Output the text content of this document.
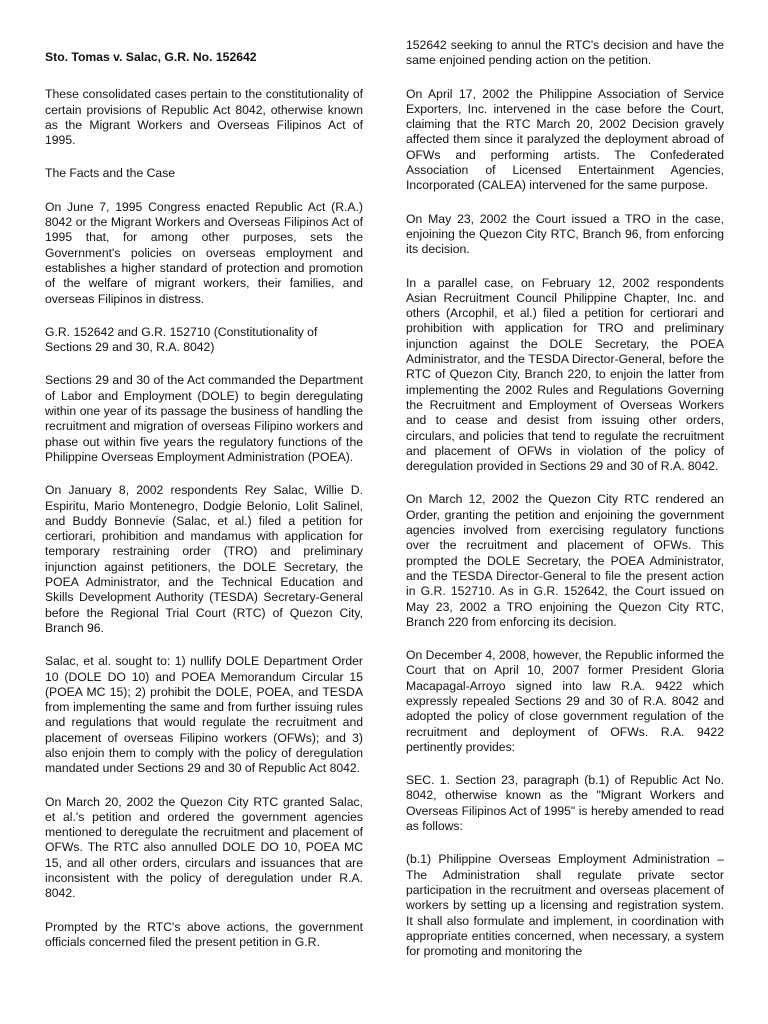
Sto. Tomas v. Salac, G.R. No. 152642

These consolidated cases pertain to the constitutionality of certain provisions of Republic Act 8042, otherwise known as the Migrant Workers and Overseas Filipinos Act of 1995.

The Facts and the Case

On June 7, 1995 Congress enacted Republic Act (R.A.) 8042 or the Migrant Workers and Overseas Filipinos Act of 1995 that, for among other purposes, sets the Government's policies on overseas employment and establishes a higher standard of protection and promotion of the welfare of migrant workers, their families, and overseas Filipinos in distress.

G.R. 152642 and G.R. 152710 (Constitutionality of Sections 29 and 30, R.A. 8042)

Sections 29 and 30 of the Act commanded the Department of Labor and Employment (DOLE) to begin deregulating within one year of its passage the business of handling the recruitment and migration of overseas Filipino workers and phase out within five years the regulatory functions of the Philippine Overseas Employment Administration (POEA).

On January 8, 2002 respondents Rey Salac, Willie D. Espiritu, Mario Montenegro, Dodgie Belonio, Lolit Salinel, and Buddy Bonnevie (Salac, et al.) filed a petition for certiorari, prohibition and mandamus with application for temporary restraining order (TRO) and preliminary injunction against petitioners, the DOLE Secretary, the POEA Administrator, and the Technical Education and Skills Development Authority (TESDA) Secretary-General before the Regional Trial Court (RTC) of Quezon City, Branch 96.

Salac, et al. sought to: 1) nullify DOLE Department Order 10 (DOLE DO 10) and POEA Memorandum Circular 15 (POEA MC 15); 2) prohibit the DOLE, POEA, and TESDA from implementing the same and from further issuing rules and regulations that would regulate the recruitment and placement of overseas Filipino workers (OFWs); and 3) also enjoin them to comply with the policy of deregulation mandated under Sections 29 and 30 of Republic Act 8042.

On March 20, 2002 the Quezon City RTC granted Salac, et al.'s petition and ordered the government agencies mentioned to deregulate the recruitment and placement of OFWs. The RTC also annulled DOLE DO 10, POEA MC 15, and all other orders, circulars and issuances that are inconsistent with the policy of deregulation under R.A. 8042.

Prompted by the RTC's above actions, the government officials concerned filed the present petition in G.R.

152642 seeking to annul the RTC's decision and have the same enjoined pending action on the petition.

On April 17, 2002 the Philippine Association of Service Exporters, Inc. intervened in the case before the Court, claiming that the RTC March 20, 2002 Decision gravely affected them since it paralyzed the deployment abroad of OFWs and performing artists. The Confederated Association of Licensed Entertainment Agencies, Incorporated (CALEA) intervened for the same purpose.

On May 23, 2002 the Court issued a TRO in the case, enjoining the Quezon City RTC, Branch 96, from enforcing its decision.

In a parallel case, on February 12, 2002 respondents Asian Recruitment Council Philippine Chapter, Inc. and others (Arcophil, et al.) filed a petition for certiorari and prohibition with application for TRO and preliminary injunction against the DOLE Secretary, the POEA Administrator, and the TESDA Director-General, before the RTC of Quezon City, Branch 220, to enjoin the latter from implementing the 2002 Rules and Regulations Governing the Recruitment and Employment of Overseas Workers and to cease and desist from issuing other orders, circulars, and policies that tend to regulate the recruitment and placement of OFWs in violation of the policy of deregulation provided in Sections 29 and 30 of R.A. 8042.

On March 12, 2002 the Quezon City RTC rendered an Order, granting the petition and enjoining the government agencies involved from exercising regulatory functions over the recruitment and placement of OFWs. This prompted the DOLE Secretary, the POEA Administrator, and the TESDA Director-General to file the present action in G.R. 152710. As in G.R. 152642, the Court issued on May 23, 2002 a TRO enjoining the Quezon City RTC, Branch 220 from enforcing its decision.

On December 4, 2008, however, the Republic informed the Court that on April 10, 2007 former President Gloria Macapagal-Arroyo signed into law R.A. 9422 which expressly repealed Sections 29 and 30 of R.A. 8042 and adopted the policy of close government regulation of the recruitment and deployment of OFWs. R.A. 9422 pertinently provides:

SEC. 1. Section 23, paragraph (b.1) of Republic Act No. 8042, otherwise known as the "Migrant Workers and Overseas Filipinos Act of 1995" is hereby amended to read as follows:

(b.1) Philippine Overseas Employment Administration – The Administration shall regulate private sector participation in the recruitment and overseas placement of workers by setting up a licensing and registration system. It shall also formulate and implement, in coordination with appropriate entities concerned, when necessary, a system for promoting and monitoring the
